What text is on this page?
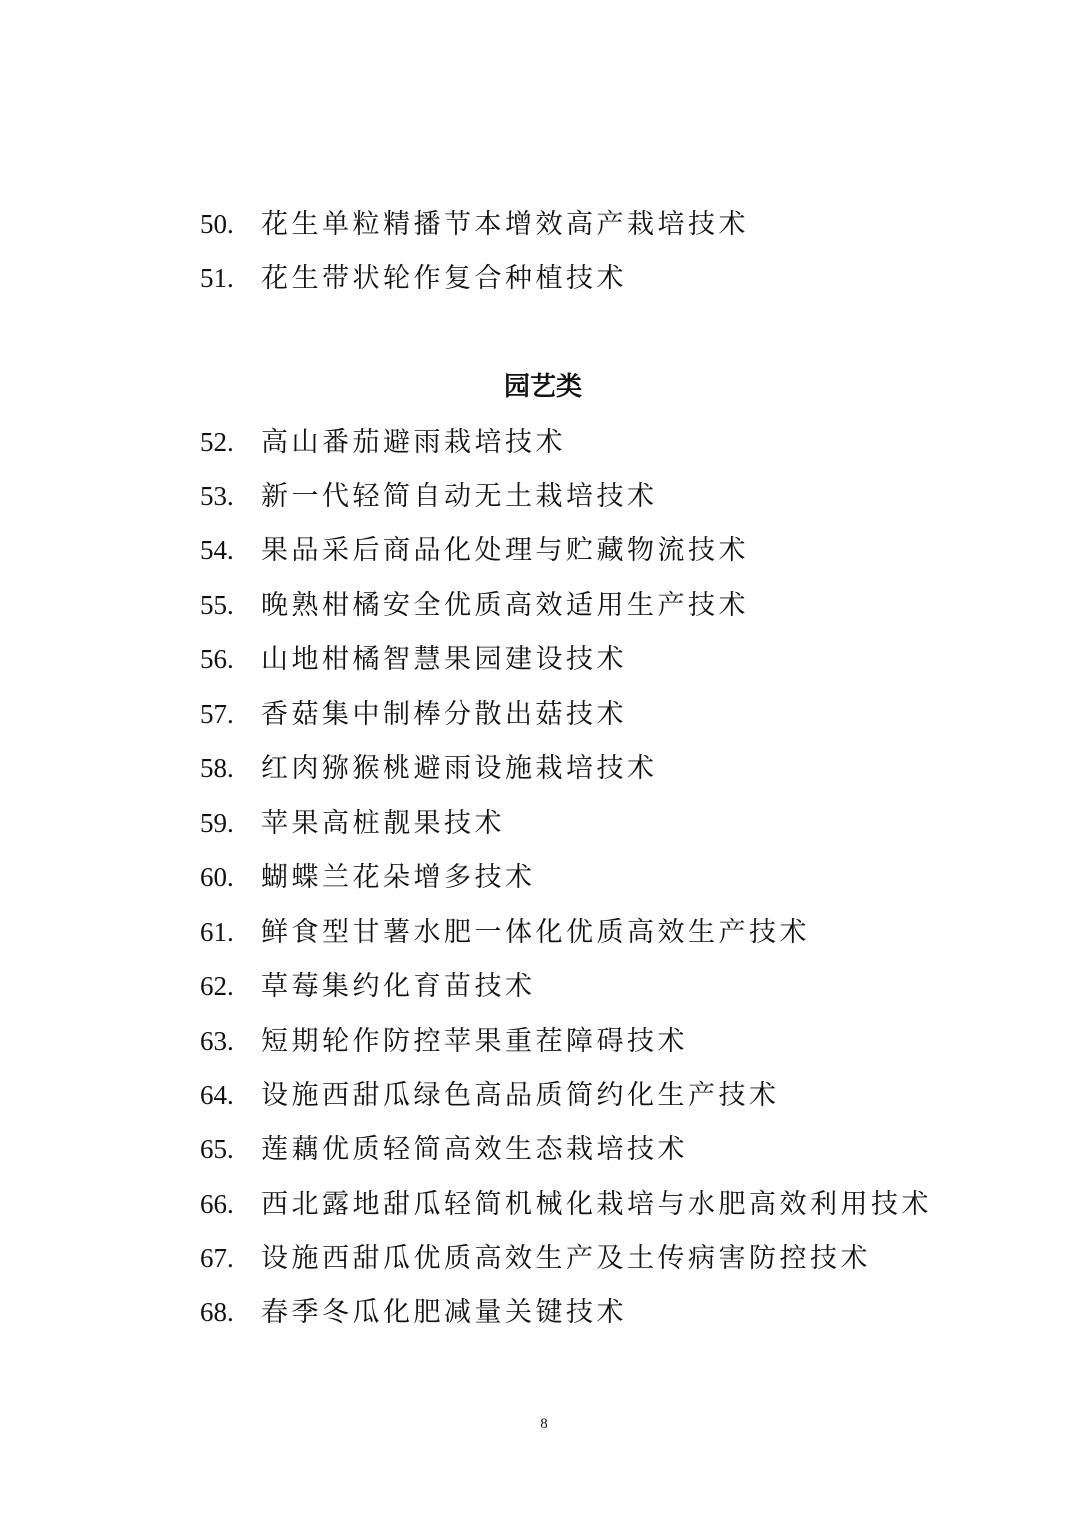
50. 花生单粒精播节本增效高产栽培技术
51. 花生带状轮作复合种植技术
园艺类
52. 高山番茄避雨栽培技术
53. 新一代轻简自动无土栽培技术
54. 果品采后商品化处理与贮藏物流技术
55. 晚熟柑橘安全优质高效适用生产技术
56. 山地柑橘智慧果园建设技术
57. 香菇集中制棒分散出菇技术
58. 红肉猕猴桃避雨设施栽培技术
59. 苹果高桩靓果技术
60. 蝴蝶兰花朵增多技术
61. 鲜食型甘薯水肥一体化优质高效生产技术
62. 草莓集约化育苗技术
63. 短期轮作防控苹果重茬障碍技术
64. 设施西甜瓜绿色高品质简约化生产技术
65. 莲藕优质轻简高效生态栽培技术
66. 西北露地甜瓜轻简机械化栽培与水肥高效利用技术
67. 设施西甜瓜优质高效生产及土传病害防控技术
68. 春季冬瓜化肥减量关键技术
8
